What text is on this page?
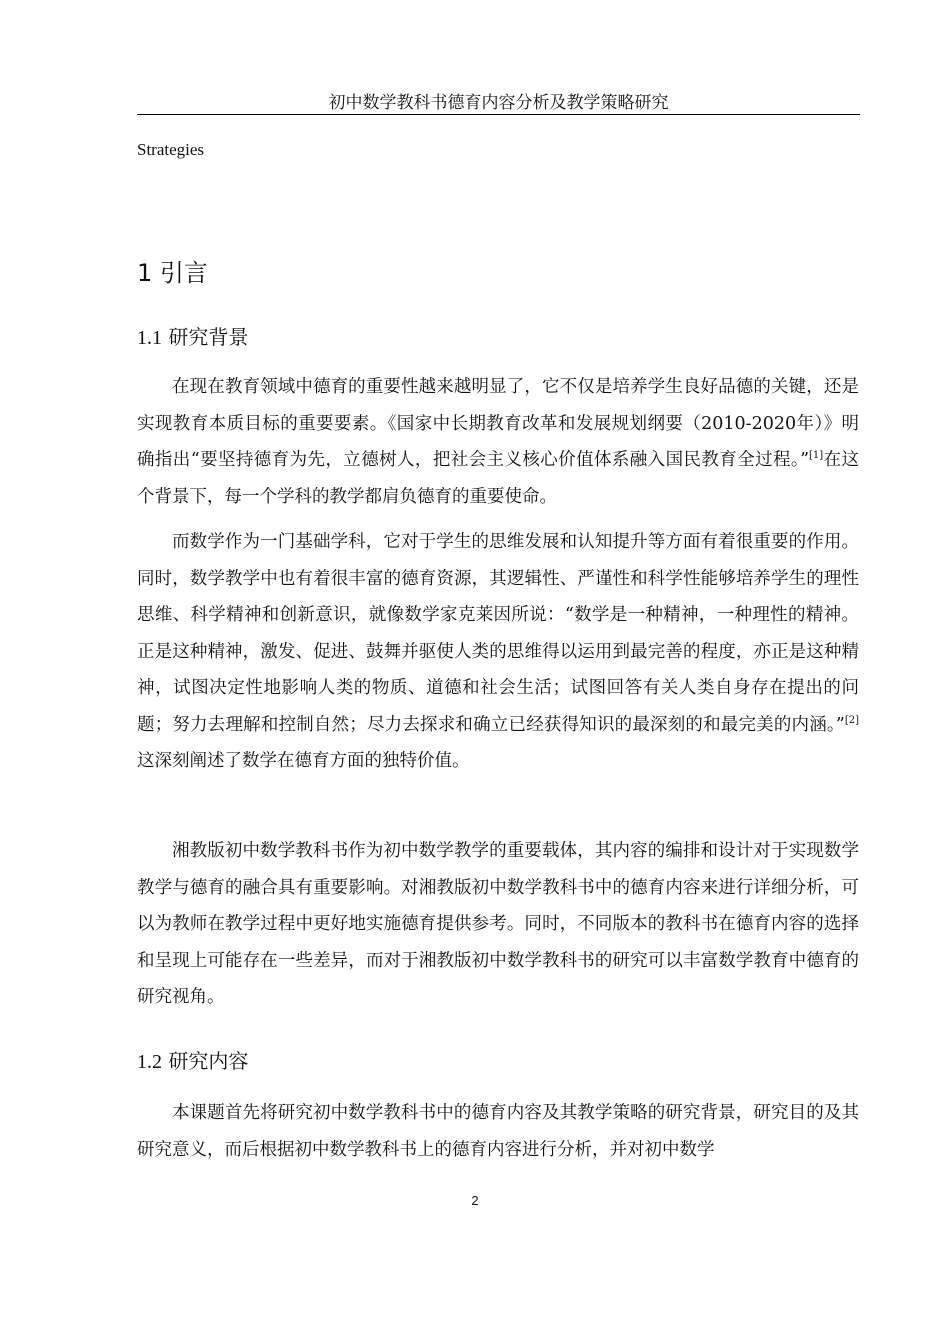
初中数学教科书德育内容分析及教学策略研究
Strategies
1 引言
1.1 研究背景

在现在教育领域中德育的重要性越来越明显了，它不仅是培养学生良好品德的关键，还是实现教育本质目标的重要要素。《国家中长期教育改革和发展规划纲要（2010-2020年）》明确指出“要坚持德育为先，立德树人，把社会主义核心价值体系融入国民教育全过程。”[1]在这个背景下，每一个学科的教学都肩负德育的重要使命。

而数学作为一门基础学科，它对于学生的思维发展和认知提升等方面有着很重要的作用。同时，数学教学中也有着很丰富的德育资源，其逻辑性、严谨性和科学性能够培养学生的理性思维、科学精神和创新意识，就像数学家克莱因所说：“数学是一种精神，一种理性的精神。正是这种精神，激发、促进、鼓舞并驱使人类的思维得以运用到最完善的程度，亦正是这种精神，试图决定性地影响人类的物质、道德和社会生活；试图回答有关人类自身存在提出的问题；努力去理解和控制自然；尽力去探求和确立已经获得知识的最深刻的和最完美的内涵。”[2]这深刻阐述了数学在德育方面的独特价值。

湘教版初中数学教科书作为初中数学教学的重要载体，其内容的编排和设计对于实现数学教学与德育的融合具有重要影响。对湘教版初中数学教科书中的德育内容来进行详细分析，可以为教师在教学过程中更好地实施德育提供参考。同时，不同版本的教科书在德育内容的选择和呈现上可能存在一些差异，而对于湘教版初中数学教科书的研究可以丰富数学教育中德育的研究视角。

1.2 研究内容

本课题首先将研究初中数学教科书中的德育内容及其教学策略的研究背景，研究目的及其研究意义，而后根据初中数学教科书上的德育内容进行分析，并对初中数学

2
